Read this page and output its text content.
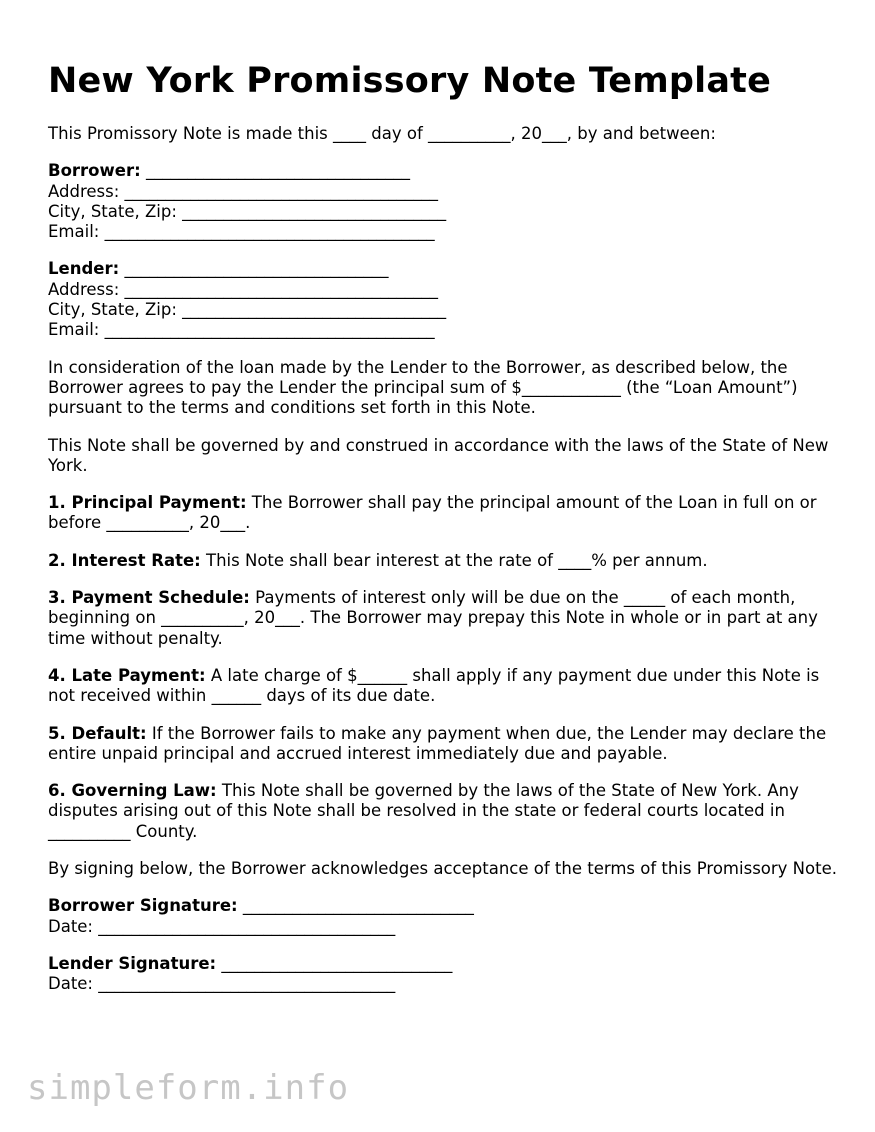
New York Promissory Note Template

This Promissory Note is made this ____ day of __________, 20___, by and between:

Borrower: ________________________________
Address: ______________________________________
City, State, Zip: ________________________________
Email: ________________________________________
Lender: ________________________________
Address: ______________________________________
City, State, Zip: ________________________________
Email: ________________________________________

In consideration of the loan made by the Lender to the Borrower, as described below, the Borrower agrees to pay the Lender the principal sum of $____________ (the “Loan Amount”) pursuant to the terms and conditions set forth in this Note.

This Note shall be governed by and construed in accordance with the laws of the State of New York.

1. Principal Payment: The Borrower shall pay the principal amount of the Loan in full on or before __________, 20___.

2. Interest Rate: This Note shall bear interest at the rate of ____% per annum.

3. Payment Schedule: Payments of interest only will be due on the _____ of each month, beginning on __________, 20___. The Borrower may prepay this Note in whole or in part at any time without penalty.

4. Late Payment: A late charge of $______ shall apply if any payment due under this Note is not received within ______ days of its due date.

5. Default: If the Borrower fails to make any payment when due, the Lender may declare the entire unpaid principal and accrued interest immediately due and payable.

6. Governing Law: This Note shall be governed by the laws of the State of New York. Any disputes arising out of this Note shall be resolved in the state or federal courts located in __________ County.

By signing below, the Borrower acknowledges acceptance of the terms of this Promissory Note.

Borrower Signature: ____________________________
Date: ____________________________________
Lender Signature: ____________________________
Date: ____________________________________
simpleform.info
